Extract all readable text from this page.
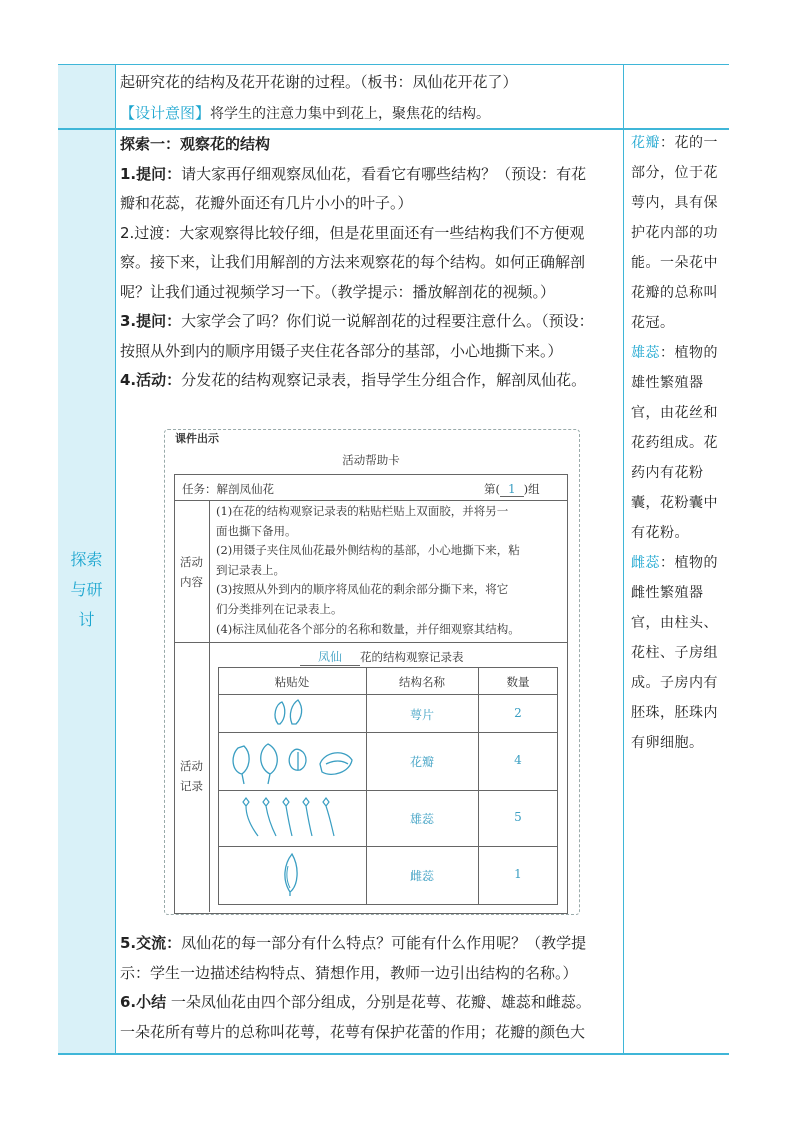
起研究花的结构及花开花谢的过程。（板书：凤仙花开花了）

【设计意图】将学生的注意力集中到花上，聚焦花的结构。

探索
与研
讨

探索一：观察花的结构

1.提问：请大家再仔细观察凤仙花，看看它有哪些结构？（预设：有花

瓣和花蕊，花瓣外面还有几片小小的叶子。）

2.过渡：大家观察得比较仔细，但是花里面还有一些结构我们不方便观

察。接下来，让我们用解剖的方法来观察花的每个结构。如何正确解剖

呢？让我们通过视频学习一下。（教学提示：播放解剖花的视频。）

3.提问：大家学会了吗？你们说一说解剖花的过程要注意什么。（预设：

按照从外到内的顺序用镊子夹住花各部分的基部，小心地撕下来。）

4.活动：分发花的结构观察记录表，指导学生分组合作，解剖凤仙花。

课件出示
活动帮助卡
任务：解剖凤仙花	第( 1 )组
活动
内容
(1)在花的结构观察记录表的粘贴栏贴上双面胶，并将另一
面也撕下备用。
(2)用镊子夹住凤仙花最外侧结构的基部，小心地撕下来，粘
到记录表上。
(3)按照从外到内的顺序将凤仙花的剩余部分撕下来，将它
们分类排列在记录表上。
(4)标注凤仙花各个部分的名称和数量，并仔细观察其结构。
活动
记录
凤仙 花的结构观察记录表
粘贴处	结构名称	数量
萼片	2
花瓣	4
雄蕊	5
雌蕊	1

5.交流：凤仙花的每一部分有什么特点？可能有什么作用呢？（教学提

示：学生一边描述结构特点、猜想作用，教师一边引出结构的名称。）

6.小结 一朵凤仙花由四个部分组成，分别是花萼、花瓣、雄蕊和雌蕊。

一朵花所有萼片的总称叫花萼，花萼有保护花蕾的作用；花瓣的颜色大

花瓣：花的一部分，位于花萼内，具有保护花内部的功能。一朵花中花瓣的总称叫花冠。
雄蕊：植物的雄性繁殖器官，由花丝和花药组成。花药内有花粉囊，花粉囊中有花粉。
雌蕊：植物的雌性繁殖器官，由柱头、花柱、子房组成。子房内有胚珠，胚珠内有卵细胞。
